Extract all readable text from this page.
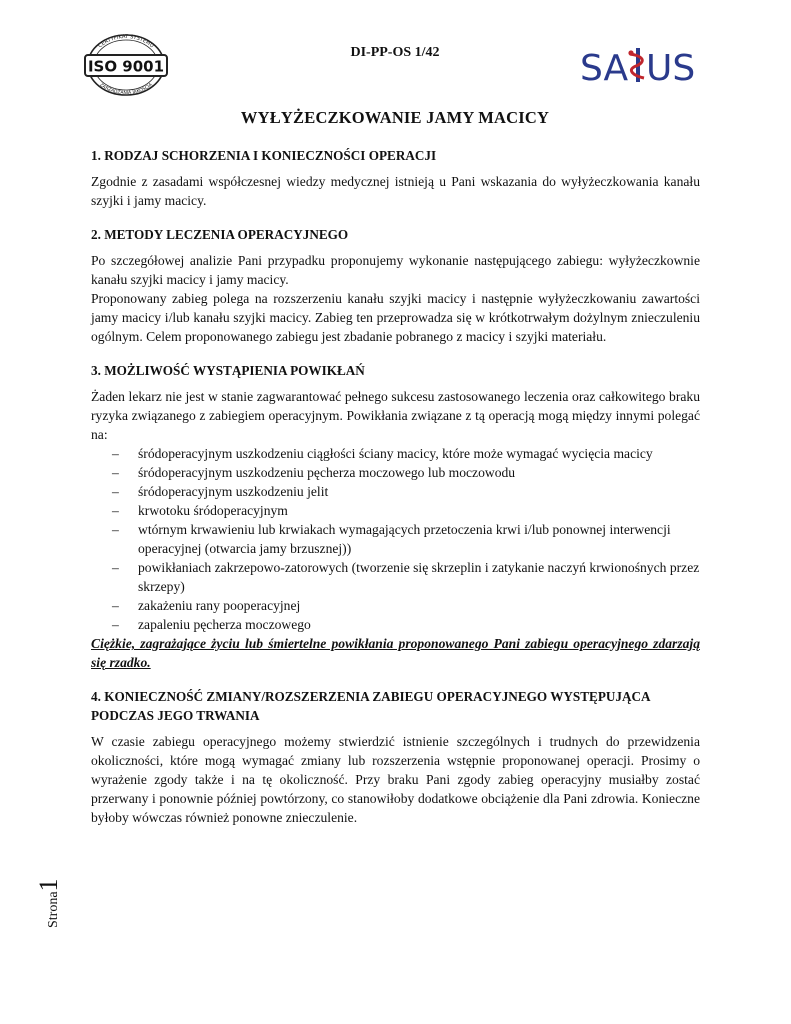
CERTYFIKAT SYSTEMU
ISO 9001
ZARZĄDZANIA JAKOŚCIĄ
DI-PP-OS 1/42	SA US
WYŁYŻECZKOWANIE JAMY MACICY
1. RODZAJ SCHORZENIA I KONIECZNOŚCI OPERACJI

Zgodnie z zasadami współczesnej wiedzy medycznej istnieją u Pani wskazania do wyłyżeczkowania kanału szyjki i jamy macicy.

2. METODY LECZENIA OPERACYJNEGO

Po szczegółowej analizie Pani przypadku proponujemy wykonanie następującego zabiegu: wyłyżeczkownie kanału szyjki macicy i jamy macicy.

Proponowany zabieg polega na rozszerzeniu kanału szyjki macicy i następnie wyłyżeczkowaniu zawartości jamy macicy i/lub kanału szyjki macicy. Zabieg ten przeprowadza się w krótkotrwałym dożylnym znieczuleniu ogólnym. Celem proponowanego zabiegu jest zbadanie pobranego z macicy i szyjki materiału.

3. MOŻLIWOŚĆ WYSTĄPIENIA POWIKŁAŃ

Żaden lekarz nie jest w stanie zagwarantować pełnego sukcesu zastosowanego leczenia oraz całkowitego braku ryzyka związanego z zabiegiem operacyjnym. Powikłania związane z tą operacją mogą między innymi polegać na:

– śródoperacyjnym uszkodzeniu ciągłości ściany macicy, które może wymagać wycięcia macicy
– śródoperacyjnym uszkodzeniu pęcherza moczowego lub moczowodu
– śródoperacyjnym uszkodzeniu jelit
– krwotoku śródoperacyjnym
– wtórnym krwawieniu lub krwiakach wymagających przetoczenia krwi i/lub ponownej interwencji operacyjnej (otwarcia jamy brzusznej))
– powikłaniach zakrzepowo-zatorowych (tworzenie się skrzeplin i zatykanie naczyń krwionośnych przez skrzepy)
– zakażeniu rany pooperacyjnej
– zapaleniu pęcherza moczowego

Ciężkie, zagrażające życiu lub śmiertelne powikłania proponowanego Pani zabiegu operacyjnego zdarzają się rzadko.

4. KONIECZNOŚĆ ZMIANY/ROZSZERZENIA ZABIEGU OPERACYJNEGO WYSTĘPUJĄCA PODCZAS JEGO TRWANIA

W czasie zabiegu operacyjnego możemy stwierdzić istnienie szczególnych i trudnych do przewidzenia okoliczności, które mogą wymagać zmiany lub rozszerzenia wstępnie proponowanej operacji. Prosimy o wyrażenie zgody także i na tę okoliczność. Przy braku Pani zgody zabieg operacyjny musiałby zostać przerwany i ponownie później powtórzony, co stanowiłoby dodatkowe obciążenie dla Pani zdrowia. Konieczne byłoby wówczas również ponowne znieczulenie.

Strona1
